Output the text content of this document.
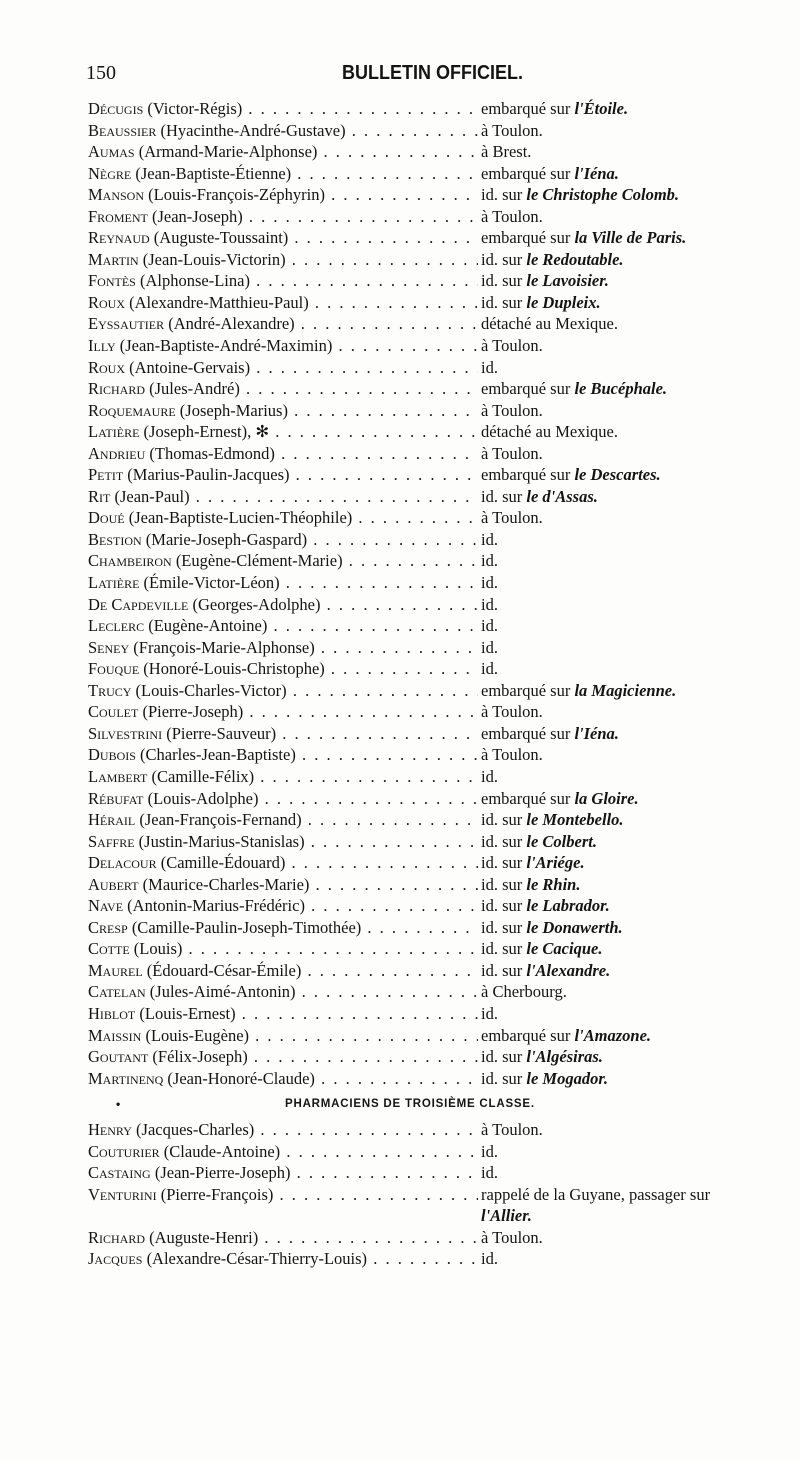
150	BULLETIN OFFICIEL.
Décugis (Victor-Régis) . . .	embarqué sur l'Étoile.
Beaussier (Hyacinthe-André-Gustave) . . .	à Toulon.
Aumas (Armand-Marie-Alphonse) . . .	à Brest.
Nègre (Jean-Baptiste-Étienne) . . .	embarqué sur l'Iéna.
Manson (Louis-François-Zéphyrin) . . .	id. sur le Christophe Colomb.
Froment (Jean-Joseph) . . .	à Toulon.
Reynaud (Auguste-Toussaint) . . .	embarqué sur la Ville de Paris.
Martin (Jean-Louis-Victorin) . . .	id. sur le Redoutable.
Fontès (Alphonse-Lina) . . .	id. sur le Lavoisier.
Roux (Alexandre-Matthieu-Paul) . . .	id. sur le Dupleix.
Eyssautier (André-Alexandre) . . .	détaché au Mexique.
Illy (Jean-Baptiste-André-Maximin) . . .	à Toulon.
Roux (Antoine-Gervais) . . .	id.
Richard (Jules-André) . . .	embarqué sur le Bucéphale.
Roquemaure (Joseph-Marius) . . .	à Toulon.
Latière (Joseph-Ernest), ✻ . . .	détaché au Mexique.
Andrieu (Thomas-Edmond) . . .	à Toulon.
Petit (Marius-Paulin-Jacques) . . .	embarqué sur le Descartes.
Rit (Jean-Paul) . . .	id. sur le d'Assas.
Doué (Jean-Baptiste-Lucien-Théophile) . . .	à Toulon.
Bestion (Marie-Joseph-Gaspard) . . .	id.
Chambeiron (Eugène-Clément-Marie) . . .	id.
Latière (Émile-Victor-Léon) . . .	id.
De Capdeville (Georges-Adolphe) . . .	id.
Leclerc (Eugène-Antoine) . . .	id.
Seney (François-Marie-Alphonse) . . .	id.
Fouque (Honoré-Louis-Christophe) . . .	id.
Trucy (Louis-Charles-Victor) . . .	embarqué sur la Magicienne.
Coulet (Pierre-Joseph) . . .	à Toulon.
Silvestrini (Pierre-Sauveur) . . .	embarqué sur l'Iéna.
Dubois (Charles-Jean-Baptiste) . . .	à Toulon.
Lambert (Camille-Félix) . . .	id.
Rébufat (Louis-Adolphe) . . .	embarqué sur la Gloire.
Hérail (Jean-François-Fernand) . . .	id. sur le Montebello.
Saffre (Justin-Marius-Stanislas) . . .	id. sur le Colbert.
Delacour (Camille-Édouard) . . .	id. sur l'Ariége.
Aubert (Maurice-Charles-Marie) . . .	id. sur le Rhin.
Nave (Antonin-Marius-Frédéric) . . .	id. sur le Labrador.
Cresp (Camille-Paulin-Joseph-Timothée) . . .	id. sur le Donawerth.
Cotte (Louis) . . .	id. sur le Cacique.
Maurel (Édouard-César-Émile) . . .	id. sur l'Alexandre.
Catelan (Jules-Aimé-Antonin) . . .	à Cherbourg.
Hiblot (Louis-Ernest) . . .	id.
Maissin (Louis-Eugène) . . .	embarqué sur l'Amazone.
Goutant (Félix-Joseph) . . .	id. sur l'Algésiras.
Martinenq (Jean-Honoré-Claude) . . .	id. sur le Mogador.
•	PHARMACIENS DE TROISIÈME CLASSE.
Henry (Jacques-Charles) . . .	à Toulon.
Couturier (Claude-Antoine) . . .	id.
Castaing (Jean-Pierre-Joseph) . . .	id.
Venturini (Pierre-François) . . .	rappelé de la Guyane, passager sur
l'Allier.
Richard (Auguste-Henri) . . .	à Toulon.
Jacques (Alexandre-César-Thierry-Louis) . . .	id.
